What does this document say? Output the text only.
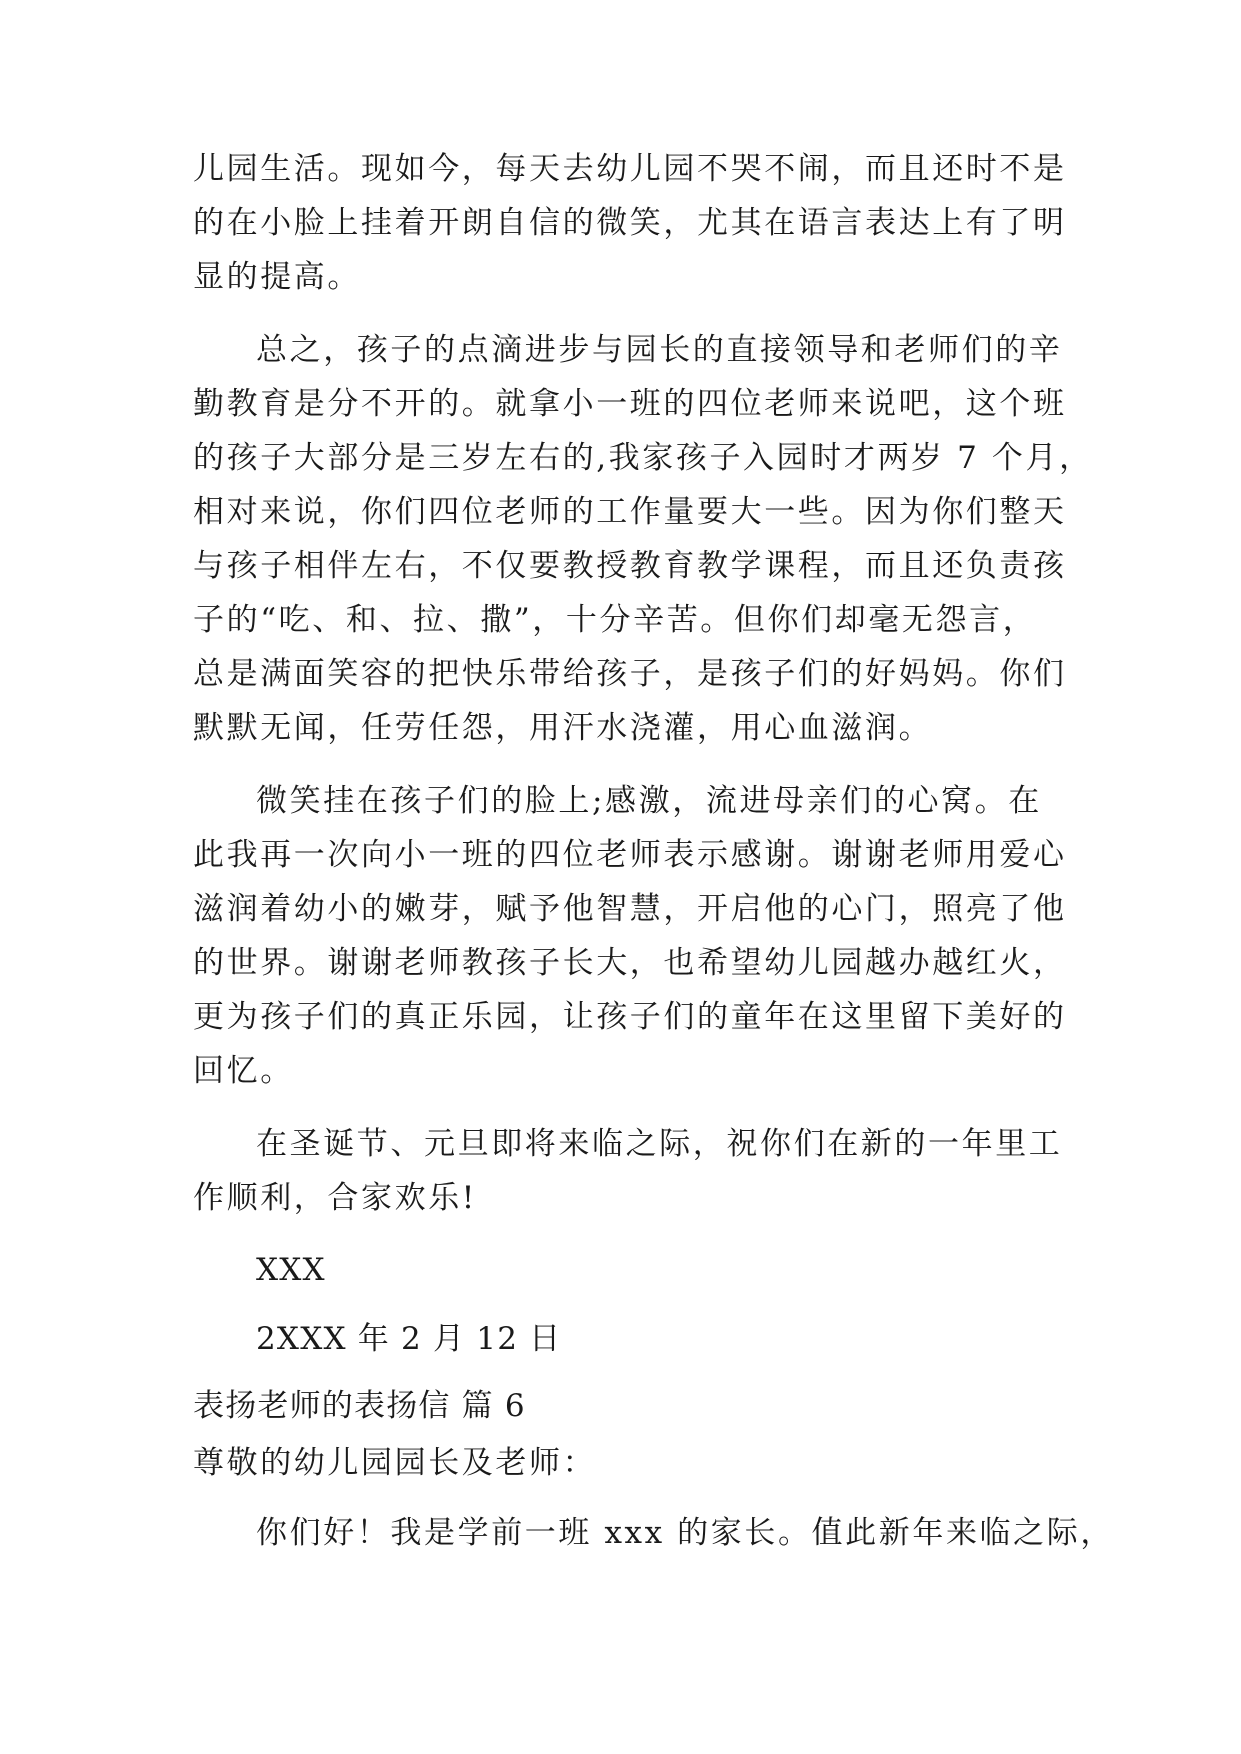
儿园生活。现如今，每天去幼儿园不哭不闹，而且还时不是
的在小脸上挂着开朗自信的微笑，尤其在语言表达上有了明
显的提高。
总之，孩子的点滴进步与园长的直接领导和老师们的辛
勤教育是分不开的。就拿小一班的四位老师来说吧，这个班
的孩子大部分是三岁左右的,我家孩子入园时才两岁 7 个月，
相对来说，你们四位老师的工作量要大一些。因为你们整天
与孩子相伴左右，不仅要教授教育教学课程，而且还负责孩
子的“吃、和、拉、撒”，十分辛苦。但你们却毫无怨言，
总是满面笑容的把快乐带给孩子，是孩子们的好妈妈。你们
默默无闻，任劳任怨，用汗水浇灌，用心血滋润。
微笑挂在孩子们的脸上;感激，流进母亲们的心窝。在
此我再一次向小一班的四位老师表示感谢。谢谢老师用爱心
滋润着幼小的嫩芽，赋予他智慧，开启他的心门，照亮了他
的世界。谢谢老师教孩子长大，也希望幼儿园越办越红火，
更为孩子们的真正乐园，让孩子们的童年在这里留下美好的
回忆。
在圣诞节、元旦即将来临之际，祝你们在新的一年里工
作顺利，合家欢乐!
XXX
2XXX 年 2 月 12 日
表扬老师的表扬信 篇 6
尊敬的幼儿园园长及老师：
你们好！我是学前一班 xxx 的家长。值此新年来临之际，
